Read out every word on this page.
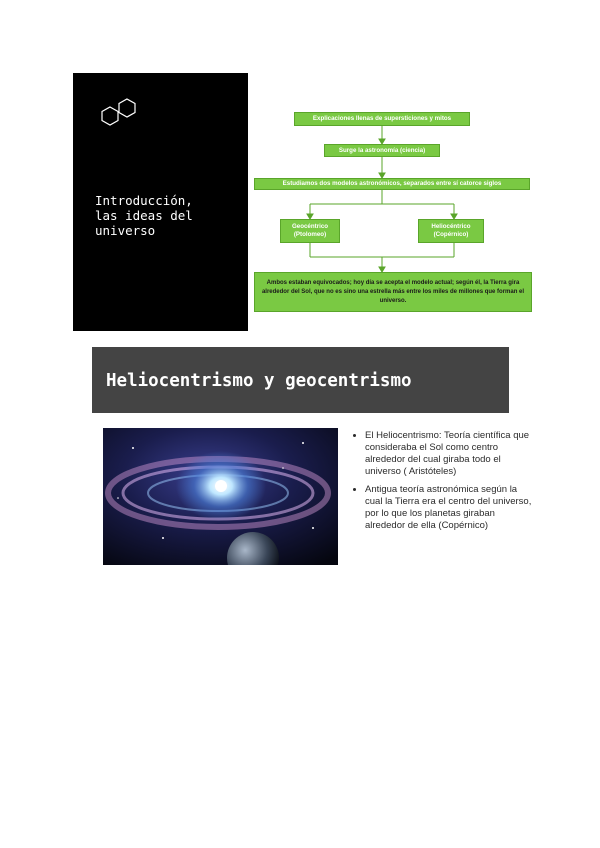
Introducción,
las ideas del
universo
Explicaciones llenas de supersticiones y mitos
Surge la astronomía (ciencia)
Estudiamos dos modelos astronómicos, separados entre sí catorce siglos
Geocéntrico
(Ptolomeo)
Heliocéntrico
(Copérnico)
Ambos estaban equivocados; hoy día se acepta el modelo actual; según él, la Tierra gira alrededor del Sol, que no es sino una estrella más entre los miles de millones que forman el universo.
Heliocentrismo y geocentrismo
• El Heliocentrismo: Teoría científica que consideraba el Sol como centro alrededor del cual giraba todo el universo ( Aristóteles)
• Antigua teoría astronómica según la cual la Tierra era el centro del universo, por lo que los planetas giraban alrededor de ella (Copérnico)
